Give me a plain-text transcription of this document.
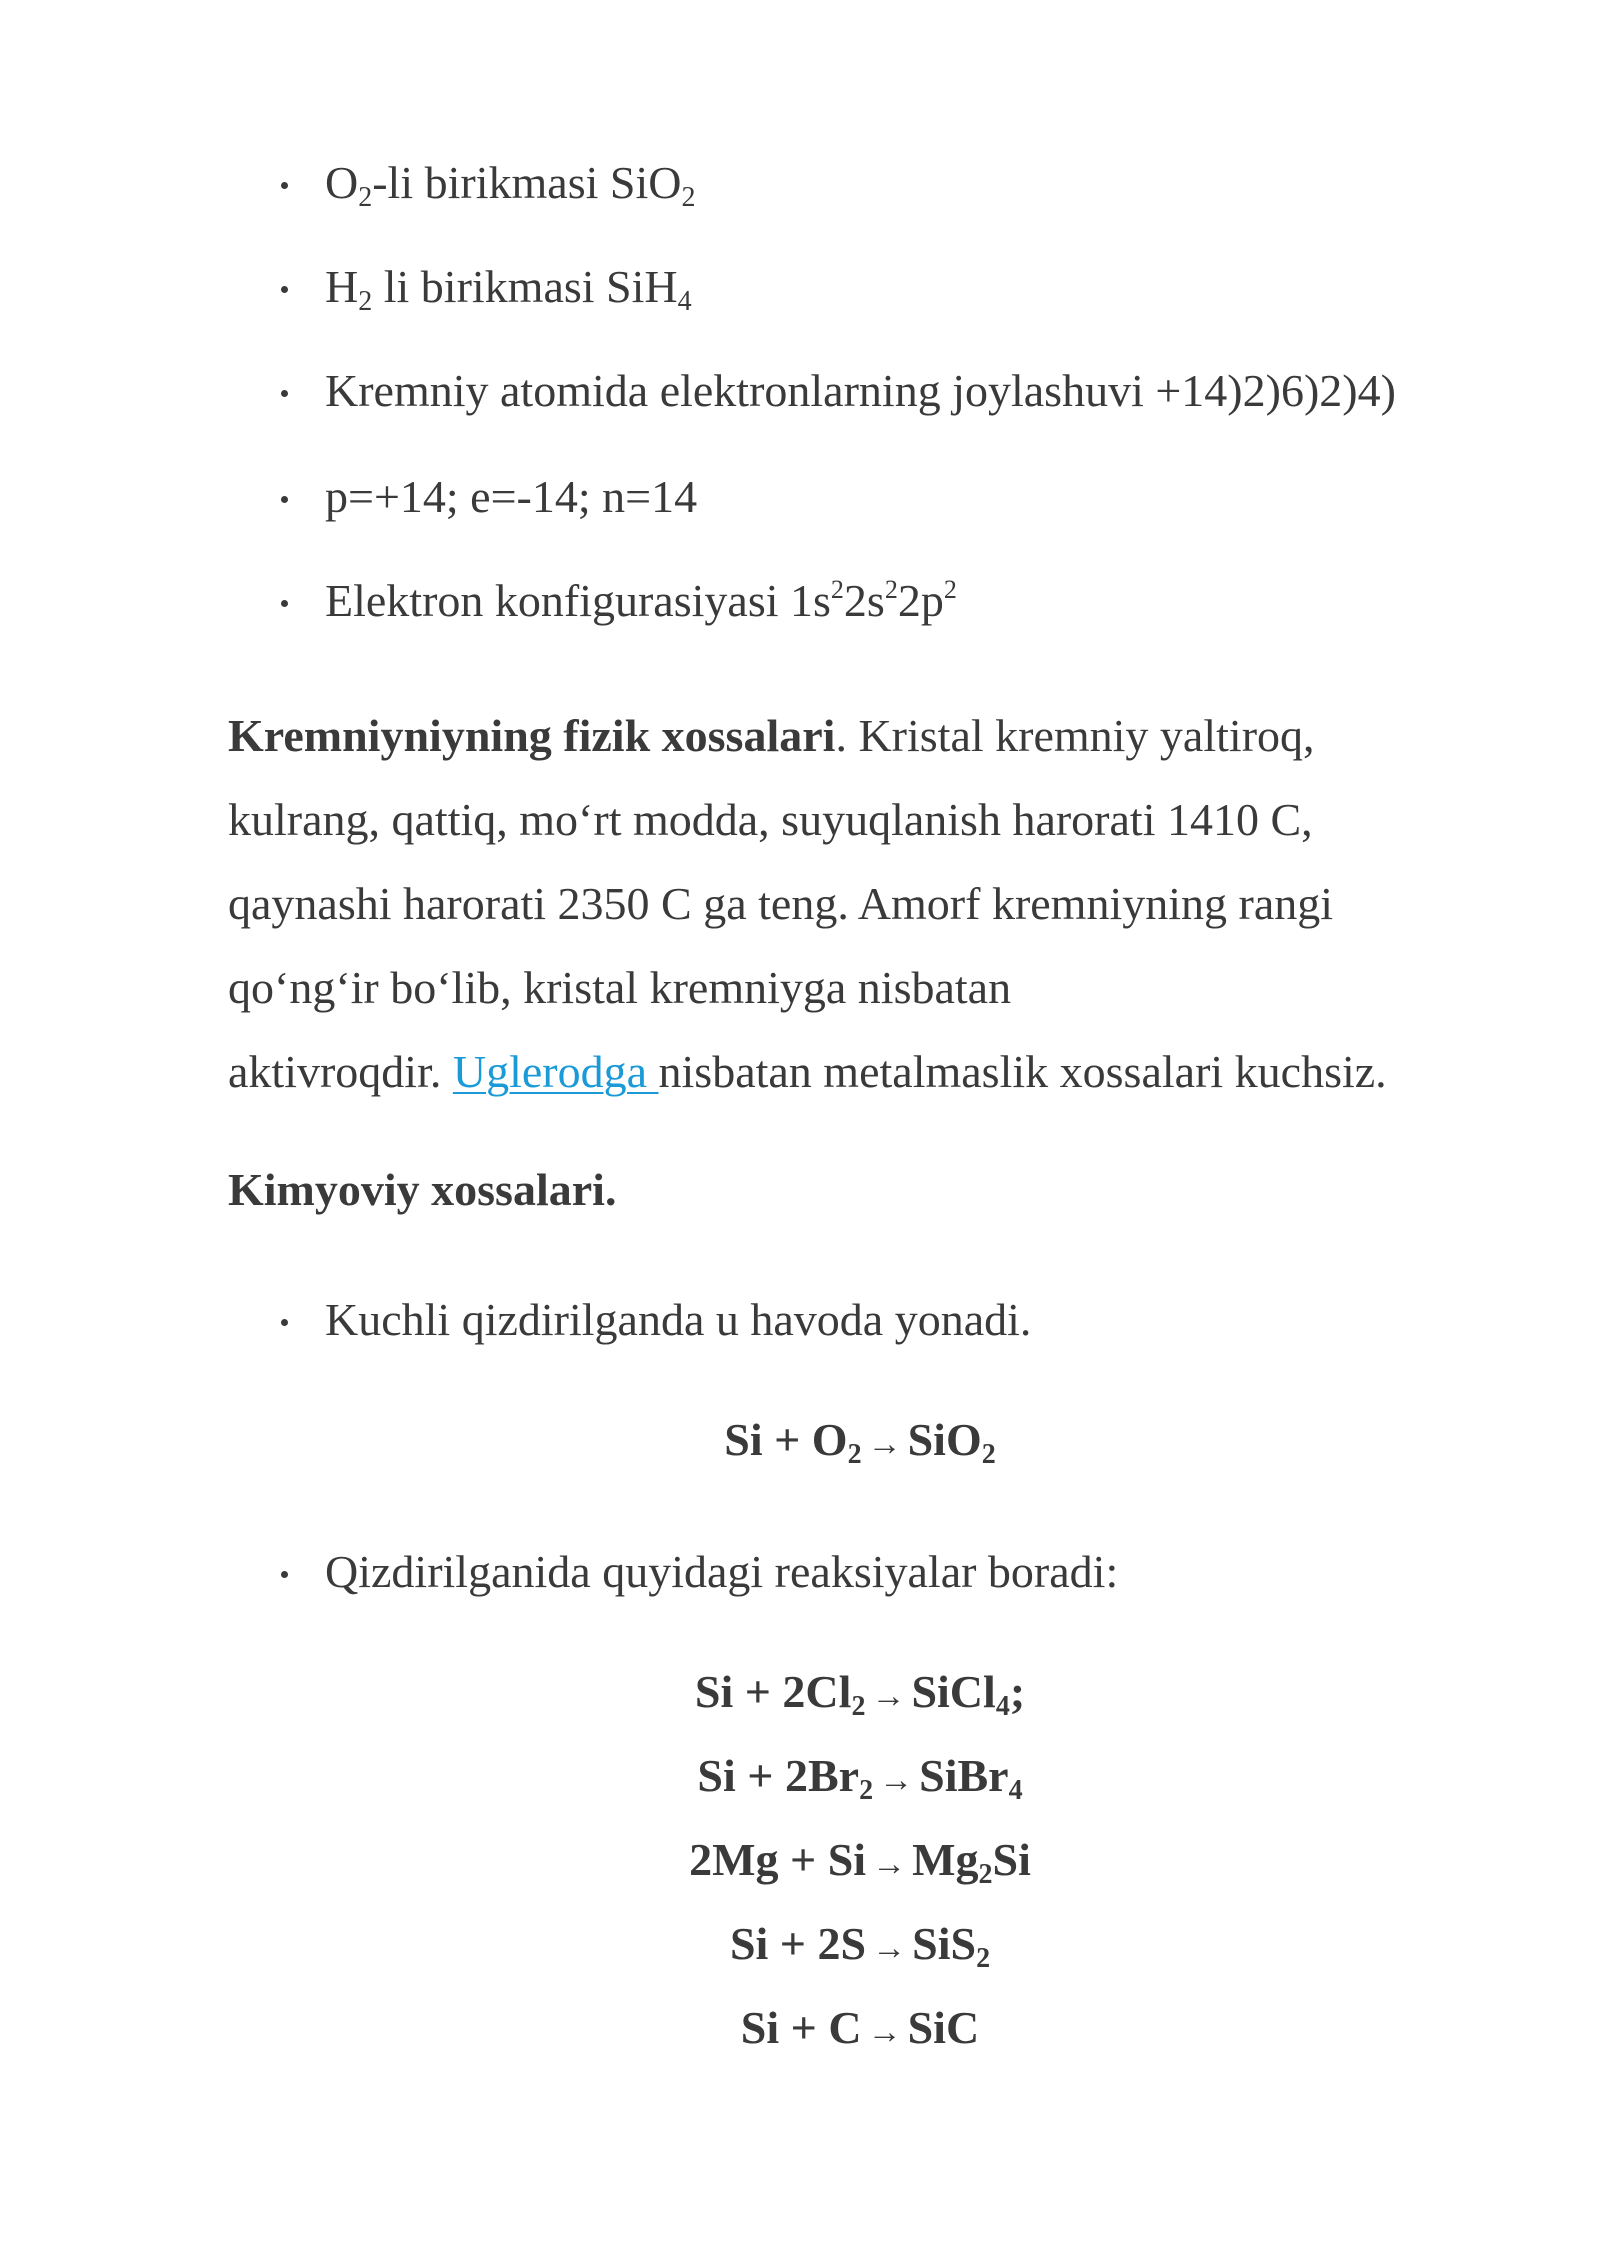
$O_2-li$ birikmasi SiO$_2$
$H_2$ li birikmasi SiH$_4$
Kremniy atomida elektronlarning joylashuvi +14)2)6)2)4)
p=+14; e=-14; n=14
Elektron konfigurasiyasi $1s^22s^22p^2$

Kremniyniyning fizik xossalari. Kristal kremniy yaltiroq,
kulrang, qattiq, mo‘rt modda, suyuqlanish harorati 1410 C,
qaynashi harorati 2350 C ga teng. Amorf kremniyning rangi
qo‘ng‘ir bo‘lib, kristal kremniyga nisbatan
aktivroqdir. Uglerodga nisbatan metalmaslik xossalari kuchsiz.

Kimyoviy xossalari.
Kuchli qizdirilganda u havoda yonadi.
Qizdirilganida quyidagi reaksiyalar boradi:
$Si + O_2 \to SiO_2$
$Si + 2Cl_2$ → SiCl$_4$;
$Si + 2Br_2$ → SiBr$_4$
$2Mg + Si \to Mg_2Si$
Si + 2S → SiS$_2$
Si + C → SiC
